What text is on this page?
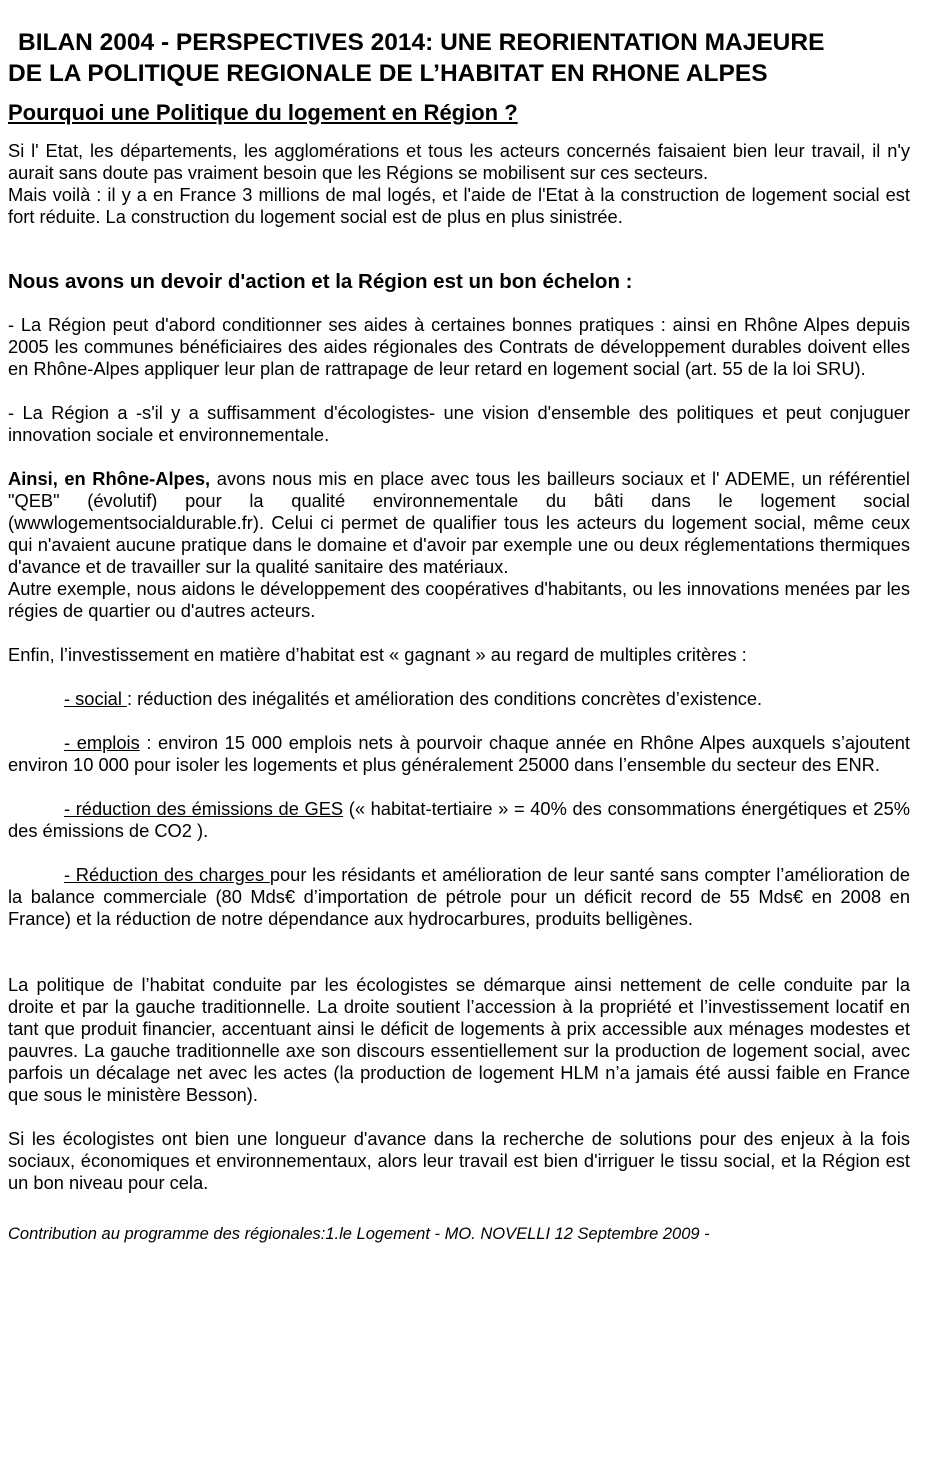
BILAN 2004 - PERSPECTIVES 2014: UNE REORIENTATION MAJEURE
DE LA POLITIQUE REGIONALE DE L’HABITAT EN RHONE ALPES
Pourquoi une Politique du logement en Région ?

Si l' Etat, les départements, les agglomérations et tous les acteurs concernés faisaient bien leur travail, il n'y aurait sans doute pas vraiment besoin que les Régions se mobilisent sur ces secteurs.

Mais voilà : il y a en France 3 millions de mal logés, et l'aide de l'Etat à la construction de logement social est fort réduite. La construction du logement social est de plus en plus sinistrée.

Nous avons un devoir d'action et la Région est un bon échelon :

- La Région peut d'abord conditionner ses aides à certaines bonnes pratiques : ainsi en Rhône Alpes depuis 2005 les communes bénéficiaires des aides régionales des Contrats de développement durables doivent elles en Rhône-Alpes appliquer leur plan de rattrapage de leur retard en logement social (art. 55 de la loi SRU).

- La Région a -s'il y a suffisamment d'écologistes- une vision d'ensemble des politiques et peut conjuguer innovation sociale et environnementale.

Ainsi, en Rhône-Alpes, avons nous mis en place avec tous les bailleurs sociaux et l' ADEME, un référentiel "QEB" (évolutif) pour la qualité environnementale du bâti dans le logement social (wwwlogementsocialdurable.fr). Celui ci permet de qualifier tous les acteurs du logement social, même ceux qui n'avaient aucune pratique dans le domaine et d'avoir par exemple une ou deux réglementations thermiques d'avance et de travailler sur la qualité sanitaire des matériaux.

Autre exemple, nous aidons le développement des coopératives d'habitants, ou les innovations menées par les régies de quartier ou d'autres acteurs.

Enfin, l’investissement en matière d’habitat est « gagnant » au regard de multiples critères :

- social : réduction des inégalités et amélioration des conditions concrètes d’existence.

- emplois : environ 15 000 emplois nets à pourvoir chaque année en Rhône Alpes auxquels s’ajoutent environ 10 000 pour isoler les logements et plus généralement 25000 dans l’ensemble du secteur des ENR.

- réduction des émissions de GES (« habitat-tertiaire » = 40% des consommations énergétiques et 25% des émissions de CO2 ).

- Réduction des charges pour les résidants et amélioration de leur santé sans compter l’amélioration de la balance commerciale (80 Mds€ d’importation de pétrole pour un déficit record de 55 Mds€ en 2008 en France) et la réduction de notre dépendance aux hydrocarbures, produits belligènes.

La politique de l’habitat conduite par les écologistes se démarque ainsi nettement de celle conduite par la droite et par la gauche traditionnelle. La droite soutient l’accession à la propriété et l’investissement locatif en tant que produit financier, accentuant ainsi le déficit de logements à prix accessible aux ménages modestes et pauvres. La gauche traditionnelle axe son discours essentiellement sur la production de logement social, avec parfois un décalage net avec les actes (la production de logement HLM n’a jamais été aussi faible en France que sous le ministère Besson).

Si les écologistes ont bien une longueur d'avance dans la recherche de solutions pour des enjeux à la fois sociaux, économiques et environnementaux, alors leur travail est bien d'irriguer le tissu social, et la Région est un bon niveau pour cela.

Contribution au programme des régionales:1.le Logement - MO. NOVELLI 12 Septembre 2009 -
